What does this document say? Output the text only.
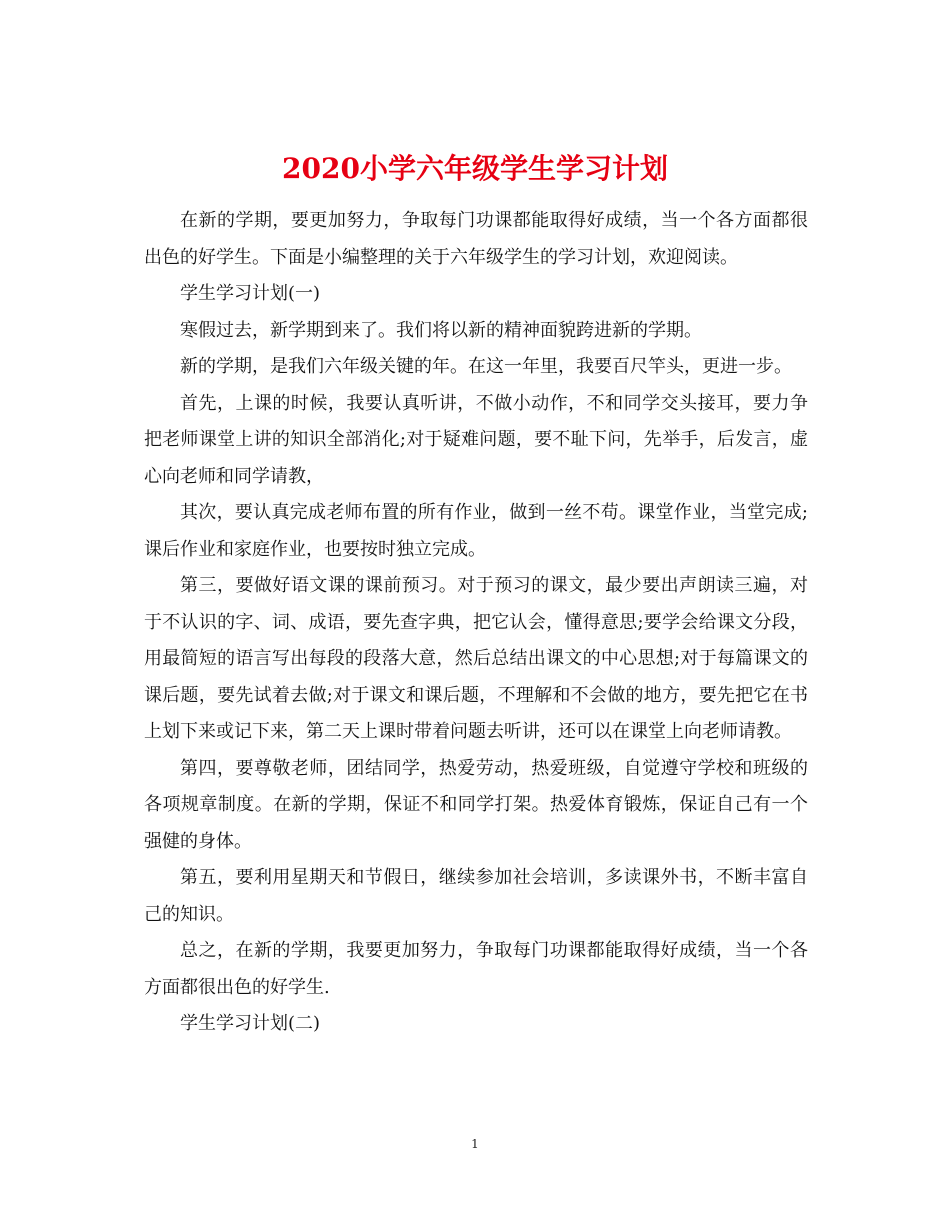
2020小学六年级学生学习计划

在新的学期，要更加努力，争取每门功课都能取得好成绩，当一个各方面都很出色的好学生。下面是小编整理的关于六年级学生的学习计划，欢迎阅读。

学生学习计划(一)

寒假过去，新学期到来了。我们将以新的精神面貌跨进新的学期。

新的学期，是我们六年级关键的年。在这一年里，我要百尺竿头，更进一步。

首先，上课的时候，我要认真听讲，不做小动作，不和同学交头接耳，要力争把老师课堂上讲的知识全部消化;对于疑难问题，要不耻下问，先举手，后发言，虚心向老师和同学请教，

其次，要认真完成老师布置的所有作业，做到一丝不苟。课堂作业，当堂完成;课后作业和家庭作业，也要按时独立完成。

第三，要做好语文课的课前预习。对于预习的课文，最少要出声朗读三遍，对于不认识的字、词、成语，要先查字典，把它认会，懂得意思;要学会给课文分段，用最简短的语言写出每段的段落大意，然后总结出课文的中心思想;对于每篇课文的课后题，要先试着去做;对于课文和课后题，不理解和不会做的地方，要先把它在书上划下来或记下来，第二天上课时带着问题去听讲，还可以在课堂上向老师请教。

第四，要尊敬老师，团结同学，热爱劳动，热爱班级，自觉遵守学校和班级的各项规章制度。在新的学期，保证不和同学打架。热爱体育锻炼，保证自己有一个强健的身体。

第五，要利用星期天和节假日，继续参加社会培训，多读课外书，不断丰富自己的知识。

总之，在新的学期，我要更加努力，争取每门功课都能取得好成绩，当一个各方面都很出色的好学生.

学生学习计划(二)

1
